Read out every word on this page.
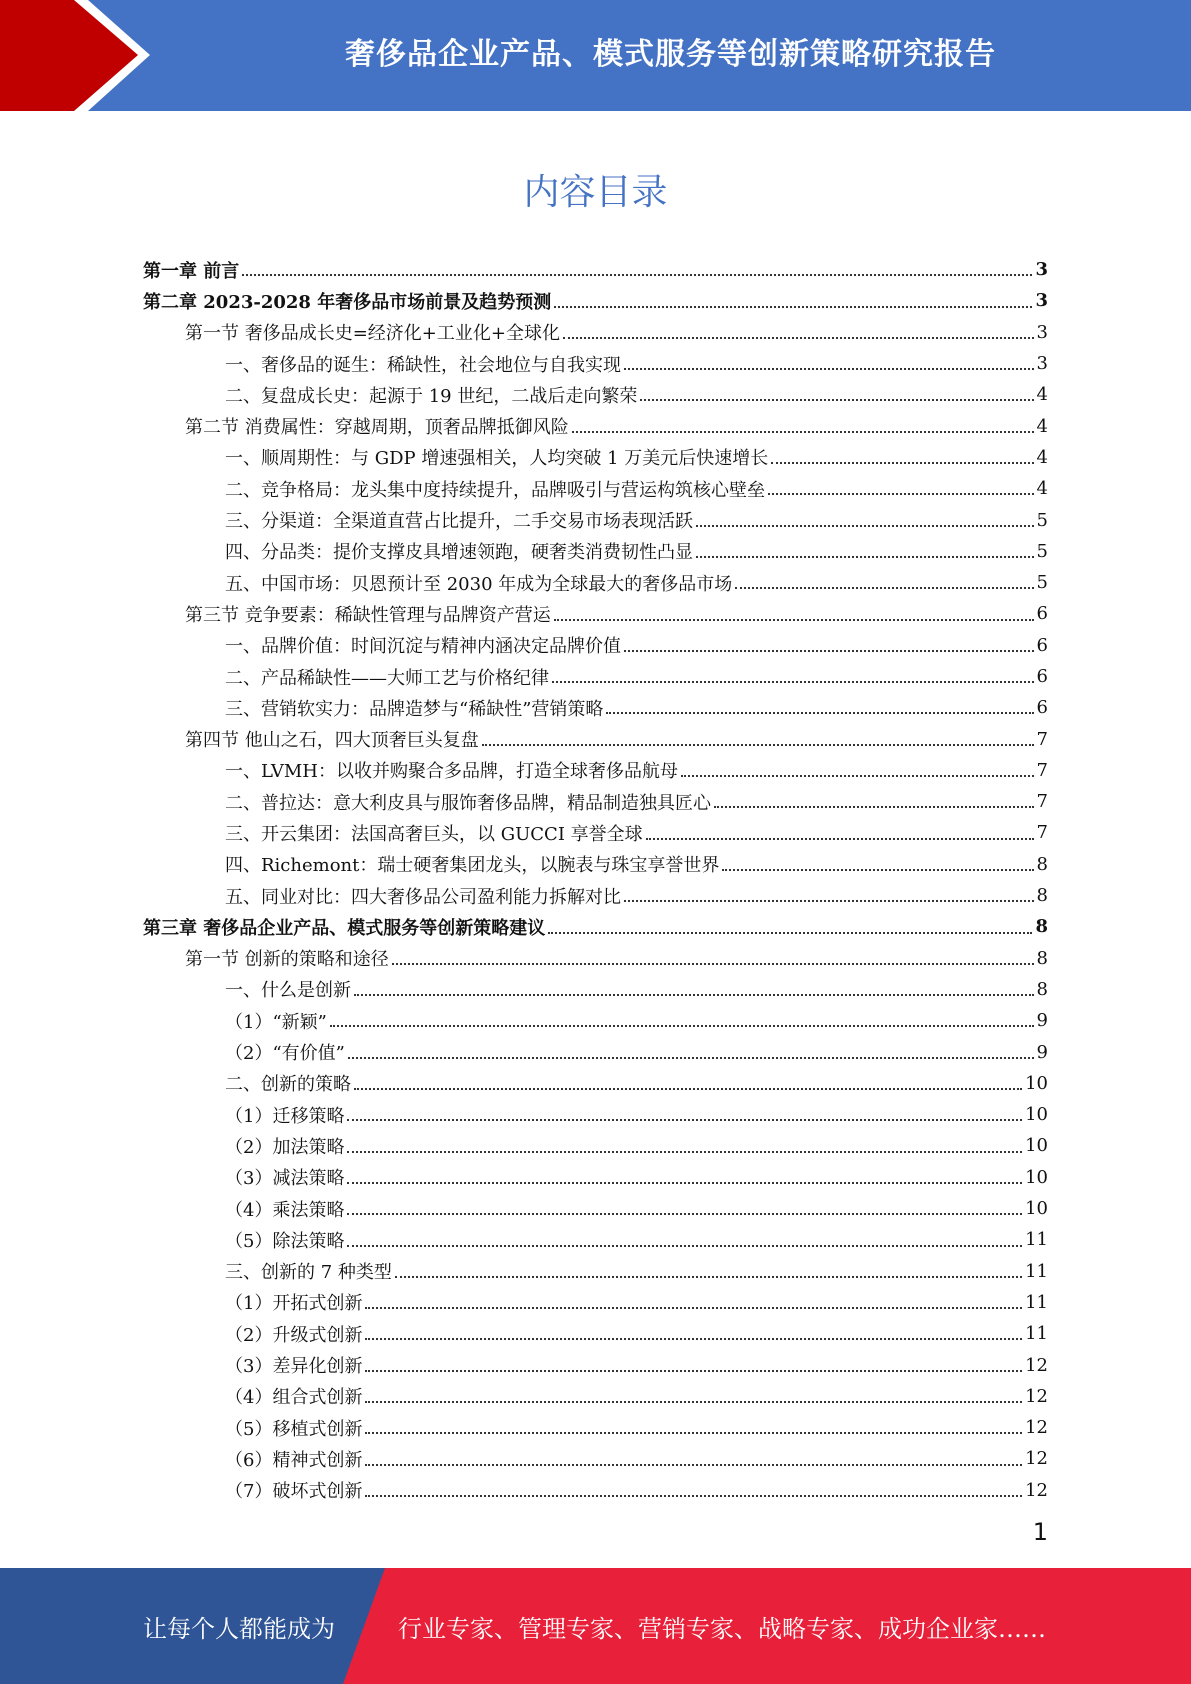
奢侈品企业产品、模式服务等创新策略研究报告
内容目录
第一章 前言	3
第二章 2023-2028 年奢侈品市场前景及趋势预测	3
第一节 奢侈品成长史=经济化+工业化+全球化	3
一、奢侈品的诞生：稀缺性，社会地位与自我实现	3
二、复盘成长史：起源于 19 世纪，二战后走向繁荣	4
第二节 消费属性：穿越周期，顶奢品牌抵御风险	4
一、顺周期性：与 GDP 增速强相关，人均突破 1 万美元后快速增长	4
二、竞争格局：龙头集中度持续提升，品牌吸引与营运构筑核心壁垒	4
三、分渠道：全渠道直营占比提升，二手交易市场表现活跃	5
四、分品类：提价支撑皮具增速领跑，硬奢类消费韧性凸显	5
五、中国市场：贝恩预计至 2030 年成为全球最大的奢侈品市场	5
第三节 竞争要素：稀缺性管理与品牌资产营运	6
一、品牌价值：时间沉淀与精神内涵决定品牌价值	6
二、产品稀缺性——大师工艺与价格纪律	6
三、营销软实力：品牌造梦与“稀缺性”营销策略	6
第四节 他山之石，四大顶奢巨头复盘	7
一、LVMH：以收并购聚合多品牌，打造全球奢侈品航母	7
二、普拉达：意大利皮具与服饰奢侈品牌，精品制造独具匠心	7
三、开云集团：法国高奢巨头，以 GUCCI 享誉全球	7
四、Richemont：瑞士硬奢集团龙头，以腕表与珠宝享誉世界	8
五、同业对比：四大奢侈品公司盈利能力拆解对比	8
第三章 奢侈品企业产品、模式服务等创新策略建议	8
第一节 创新的策略和途径	8
一、什么是创新	8
（1）“新颖”	9
（2）“有价值”	9
二、创新的策略	10
（1）迁移策略	10
（2）加法策略	10
（3）减法策略	10
（4）乘法策略	10
（5）除法策略	11
三、创新的 7 种类型	11
（1）开拓式创新	11
（2）升级式创新	11
（3）差异化创新	12
（4）组合式创新	12
（5）移植式创新	12
（6）精神式创新	12
（7）破坏式创新	12
1
让每个人都能成为	行业专家、管理专家、营销专家、战略专家、成功企业家……
